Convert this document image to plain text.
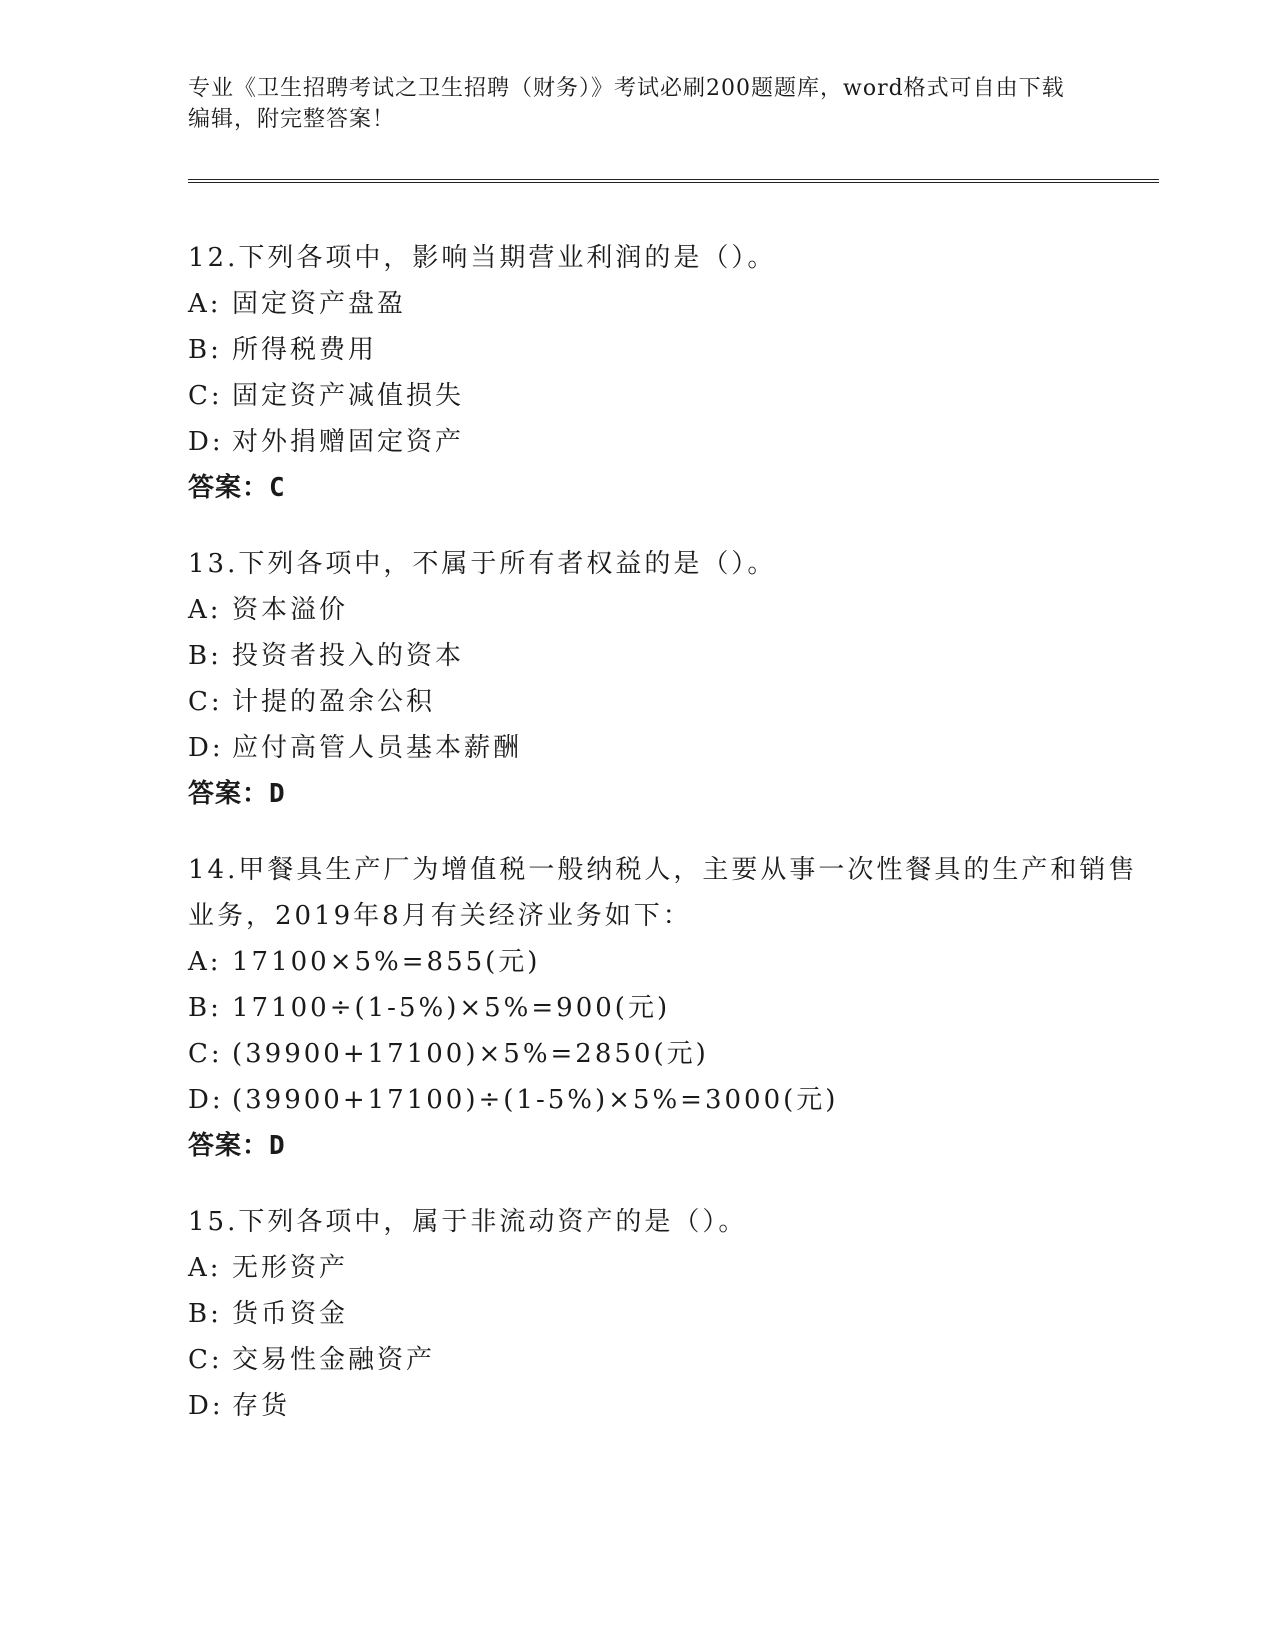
专业《卫生招聘考试之卫生招聘（财务）》考试必刷200题题库，word格式可自由下载编辑，附完整答案！
12.下列各项中，影响当期营业利润的是（）。
A: 固定资产盘盈
B: 所得税费用
C: 固定资产减值损失
D: 对外捐赠固定资产
答案：C
13.下列各项中，不属于所有者权益的是（）。
A: 资本溢价
B: 投资者投入的资本
C: 计提的盈余公积
D: 应付高管人员基本薪酬
答案：D
14.甲餐具生产厂为增值税一般纳税人，主要从事一次性餐具的生产和销售业务，2019年8月有关经济业务如下：
A: 17100×5%=855(元)
B: 17100÷(1-5%)×5%=900(元)
C: (39900+17100)×5%=2850(元)
D: (39900+17100)÷(1-5%)×5%=3000(元)
答案：D
15.下列各项中，属于非流动资产的是（）。
A: 无形资产
B: 货币资金
C: 交易性金融资产
D: 存货
